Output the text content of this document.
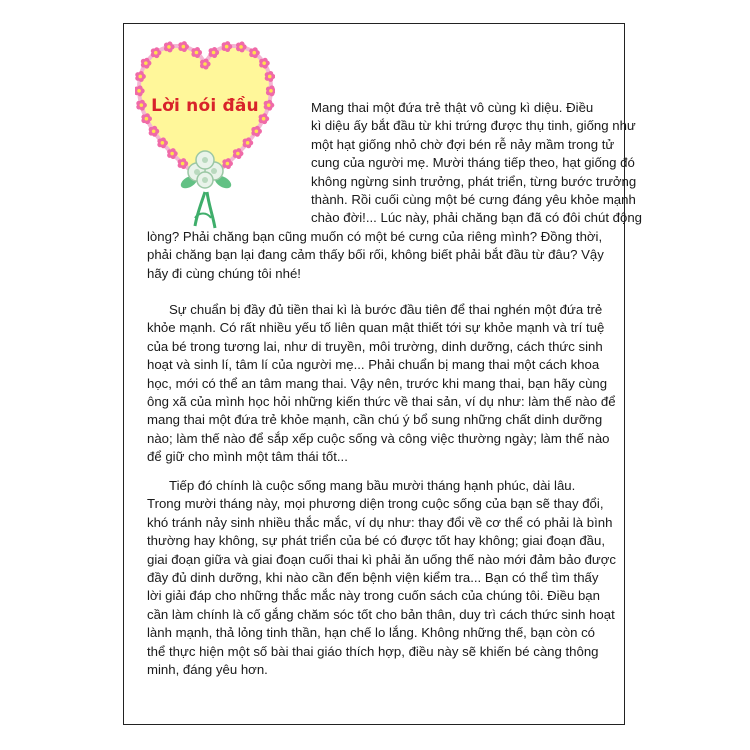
Lời nói đầu	Mang thai một đứa trẻ thật vô cùng kì diệu. Điều
kì diệu ấy bắt đầu từ khi trứng được thụ tinh, giống như
một hạt giống nhỏ chờ đợi bén rễ nảy mầm trong tử
cung của người mẹ. Mười tháng tiếp theo, hạt giống đó
không ngừng sinh trưởng, phát triển, từng bước trưởng
thành. Rồi cuối cùng một bé cưng đáng yêu khỏe mạnh
chào đời!... Lúc này, phải chăng bạn đã có đôi chút động
lòng? Phải chăng bạn cũng muốn có một bé cưng của riêng mình? Đồng thời,
phải chăng bạn lại đang cảm thấy bối rối, không biết phải bắt đầu từ đâu? Vậy
hãy đi cùng chúng tôi nhé!
Sự chuẩn bị đầy đủ tiền thai kì là bước đầu tiên để thai nghén một đứa trẻ
khỏe mạnh. Có rất nhiều yếu tố liên quan mật thiết tới sự khỏe mạnh và trí tuệ
của bé trong tương lai, như di truyền, môi trường, dinh dưỡng, cách thức sinh
hoạt và sinh lí, tâm lí của người mẹ... Phải chuẩn bị mang thai một cách khoa
học, mới có thể an tâm mang thai. Vậy nên, trước khi mang thai, bạn hãy cùng
ông xã của mình học hỏi những kiến thức về thai sản, ví dụ như: làm thế nào để
mang thai một đứa trẻ khỏe mạnh, cần chú ý bổ sung những chất dinh dưỡng
nào; làm thế nào để sắp xếp cuộc sống và công việc thường ngày; làm thế nào
để giữ cho mình một tâm thái tốt...
Tiếp đó chính là cuộc sống mang bầu mười tháng hạnh phúc, dài lâu.
Trong mười tháng này, mọi phương diện trong cuộc sống của bạn sẽ thay đổi,
khó tránh nảy sinh nhiều thắc mắc, ví dụ như: thay đổi về cơ thể có phải là bình
thường hay không, sự phát triển của bé có được tốt hay không; giai đoạn đầu,
giai đoạn giữa và giai đoạn cuối thai kì phải ăn uống thế nào mới đảm bảo được
đầy đủ dinh dưỡng, khi nào cần đến bệnh viện kiểm tra... Bạn có thể tìm thấy
lời giải đáp cho những thắc mắc này trong cuốn sách của chúng tôi. Điều bạn
cần làm chính là cố gắng chăm sóc tốt cho bản thân, duy trì cách thức sinh hoạt
lành mạnh, thả lỏng tinh thần, hạn chế lo lắng. Không những thế, bạn còn có
thể thực hiện một số bài thai giáo thích hợp, điều này sẽ khiến bé càng thông
minh, đáng yêu hơn.
